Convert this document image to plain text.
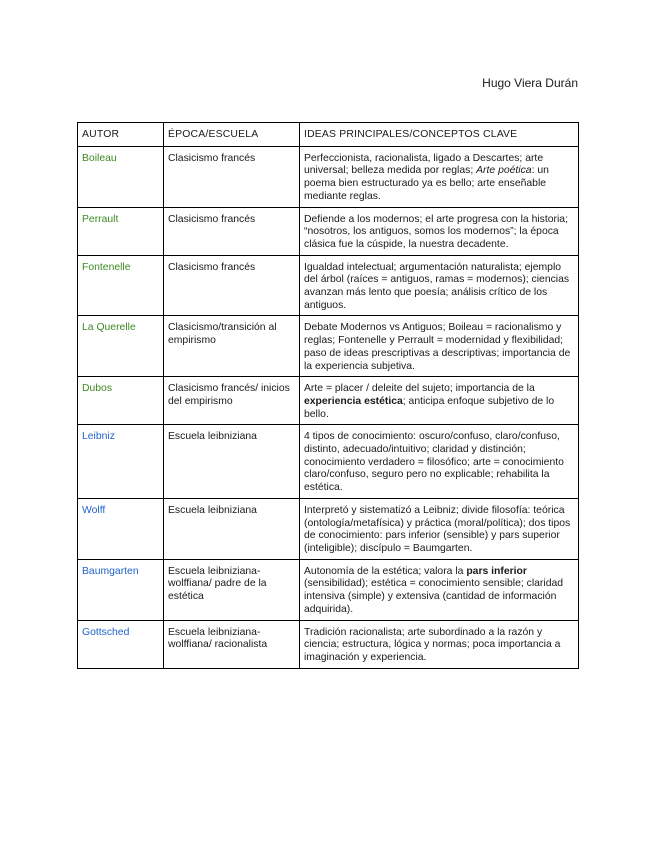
Hugo Viera Durán
AUTOR	ÉPOCA/ESCUELA	IDEAS PRINCIPALES/CONCEPTOS CLAVE
Boileau	Clasicismo francés	Perfeccionista, racionalista, ligado a Descartes; arte universal; belleza medida por reglas; Arte poética: un poema bien estructurado ya es bello; arte enseñable mediante reglas.
Perrault	Clasicismo francés	Defiende a los modernos; el arte progresa con la historia; “nosotros, los antiguos, somos los modernos”; la época clásica fue la cúspide, la nuestra decadente.
Fontenelle	Clasicismo francés	Igualdad intelectual; argumentación naturalista; ejemplo del árbol (raíces = antiguos, ramas = modernos); ciencias avanzan más lento que poesía; análisis crítico de los antiguos.
La Querelle	Clasicismo/transición al empirismo	Debate Modernos vs Antiguos; Boileau = racionalismo y reglas; Fontenelle y Perrault = modernidad y flexibilidad; paso de ideas prescriptivas a descriptivas; importancia de la experiencia subjetiva.
Dubos	Clasicismo francés/ inicios del empirismo	Arte = placer / deleite del sujeto; importancia de la experiencia estética; anticipa enfoque subjetivo de lo bello.
Leibniz	Escuela leibniziana	4 tipos de conocimiento: oscuro/confuso, claro/confuso, distinto, adecuado/intuitivo; claridad y distinción; conocimiento verdadero = filosófico; arte = conocimiento claro/confuso, seguro pero no explicable; rehabilita la estética.
Wolff	Escuela leibniziana	Interpretó y sistematizó a Leibniz; divide filosofía: teórica (ontología/metafísica) y práctica (moral/política); dos tipos de conocimiento: pars inferior (sensible) y pars superior (inteligible); discípulo = Baumgarten.
Baumgarten	Escuela leibniziana-wolffiana/ padre de la estética	Autonomía de la estética; valora la pars inferior (sensibilidad); estética = conocimiento sensible; claridad intensiva (simple) y extensiva (cantidad de información adquirida).
Gottsched	Escuela leibniziana-wolffiana/ racionalista	Tradición racionalista; arte subordinado a la razón y ciencia; estructura, lógica y normas; poca importancia a imaginación y experiencia.
